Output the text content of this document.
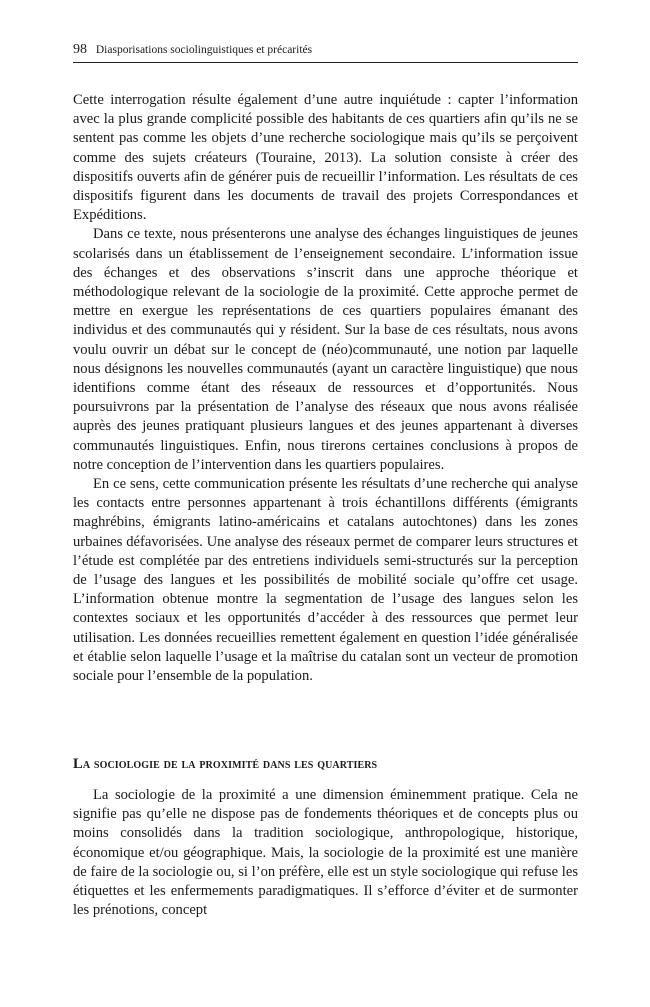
98 Diasporisations sociolinguistiques et précarités

Cette interrogation résulte également d’une autre inquiétude : capter l’information avec la plus grande complicité possible des habitants de ces quartiers afin qu’ils ne se sentent pas comme les objets d’une recherche sociologique mais qu’ils se perçoivent comme des sujets créateurs (Touraine, 2013). La solution consiste à créer des dispositifs ouverts afin de générer puis de recueillir l’information. Les résultats de ces dispositifs figurent dans les documents de travail des projets Correspondances et Expéditions.

Dans ce texte, nous présenterons une analyse des échanges linguistiques de jeunes scolarisés dans un établissement de l’enseignement secondaire. L’information issue des échanges et des observations s’inscrit dans une approche théorique et méthodologique relevant de la sociologie de la proximité. Cette approche permet de mettre en exergue les représentations de ces quartiers populaires émanant des individus et des communautés qui y résident. Sur la base de ces résultats, nous avons voulu ouvrir un débat sur le concept de (néo)communauté, une notion par laquelle nous désignons les nouvelles communautés (ayant un caractère linguistique) que nous identifions comme étant des réseaux de ressources et d’opportunités. Nous poursuivrons par la présentation de l’analyse des réseaux que nous avons réalisée auprès des jeunes pratiquant plusieurs langues et des jeunes appartenant à diverses communautés linguistiques. Enfin, nous tirerons certaines conclusions à propos de notre conception de l’intervention dans les quartiers populaires.

En ce sens, cette communication présente les résultats d’une recherche qui analyse les contacts entre personnes appartenant à trois échantillons différents (émigrants maghrébins, émigrants latino-américains et catalans autochtones) dans les zones urbaines défavorisées. Une analyse des réseaux permet de comparer leurs structures et l’étude est complétée par des entretiens individuels semi-structurés sur la perception de l’usage des langues et les possibilités de mobilité sociale qu’offre cet usage. L’information obtenue montre la segmentation de l’usage des langues selon les contextes sociaux et les opportunités d’accéder à des ressources que permet leur utilisation. Les données recueillies remettent également en question l’idée généralisée et établie selon laquelle l’usage et la maîtrise du catalan sont un vecteur de promotion sociale pour l’ensemble de la population.

La sociologie de la proximité dans les quartiers

La sociologie de la proximité a une dimension éminemment pratique. Cela ne signifie pas qu’elle ne dispose pas de fondements théoriques et de concepts plus ou moins consolidés dans la tradition sociologique, anthropologique, historique, économique et/ou géographique. Mais, la sociologie de la proximité est une manière de faire de la sociologie ou, si l’on préfère, elle est un style sociologique qui refuse les étiquettes et les enfermements paradigmatiques. Il s’efforce d’éviter et de surmonter les prénotions, concept
